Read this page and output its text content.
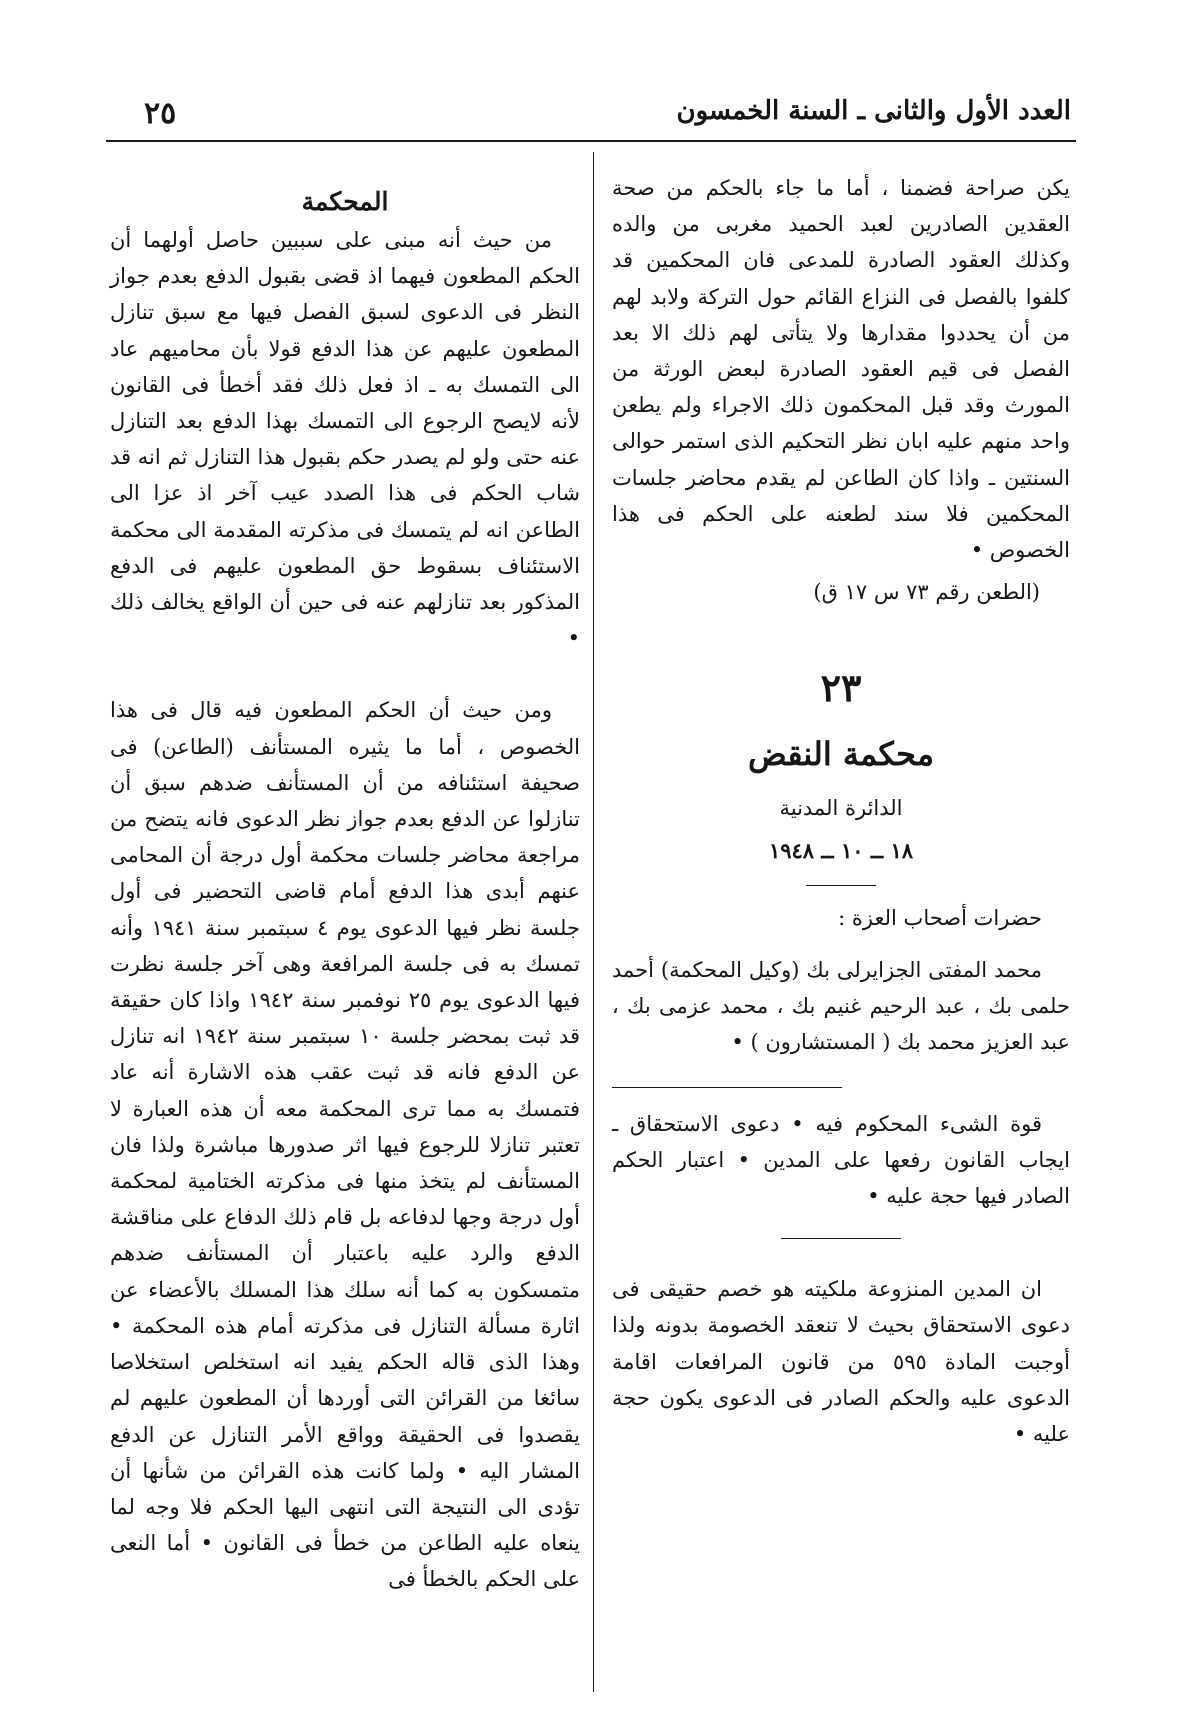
العدد الأول والثانى ـ السنة الخمسون
٢٥

يكن صراحة فضمنا ، أما ما جاء بالحكم من صحة العقدين الصادرين لعبد الحميد مغربى من والده وكذلك العقود الصادرة للمدعى فان المحكمين قد كلفوا بالفصل فى النزاع القائم حول التركة ولابد لهم من أن يحددوا مقدارها ولا يتأتى لهم ذلك الا بعد الفصل فى قيم العقود الصادرة لبعض الورثة من المورث وقد قبل المحكمون ذلك الاجراء ولم يطعن واحد منهم عليه ابان نظر التحكيم الذى استمر حوالى السنتين ـ واذا كان الطاعن لم يقدم محاضر جلسات المحكمين فلا سند لطعنه على الحكم فى هذا الخصوص •

(الطعن رقم ٧٣ س ١٧ ق)

٢٣

محكمة النقض

الدائرة المدنية

١٨ ــ ١٠ ــ ١٩٤٨

حضرات أصحاب العزة :

محمد المفتى الجزايرلى بك (وكيل المحكمة) أحمد حلمى بك ، عبد الرحيم غنيم بك ، محمد عزمى بك ، عبد العزيز محمد بك ( المستشارون ) •

قوة الشىء المحكوم فيه • دعوى الاستحقاق ـ ايجاب القانون رفعها على المدين • اعتبار الحكم الصادر فيها حجة عليه •

ان المدين المنزوعة ملكيته هو خصم حقيقى فى دعوى الاستحقاق بحيث لا تنعقد الخصومة بدونه ولذا أوجبت المادة ٥٩٥ من قانون المرافعات اقامة الدعوى عليه والحكم الصادر فى الدعوى يكون حجة عليه •

المحكمة

من حيث أنه مبنى على سببين حاصل أولهما أن الحكم المطعون فيهما اذ قضى بقبول الدفع بعدم جواز النظر فى الدعوى لسبق الفصل فيها مع سبق تنازل المطعون عليهم عن هذا الدفع قولا بأن محاميهم عاد الى التمسك به ـ اذ فعل ذلك فقد أخطأ فى القانون لأنه لايصح الرجوع الى التمسك بهذا الدفع بعد التنازل عنه حتى ولو لم يصدر حكم بقبول هذا التنازل ثم انه قد شاب الحكم فى هذا الصدد عيب آخر اذ عزا الى الطاعن انه لم يتمسك فى مذكرته المقدمة الى محكمة الاستئناف بسقوط حق المطعون عليهم فى الدفع المذكور بعد تنازلهم عنه فى حين أن الواقع يخالف ذلك •

ومن حيث أن الحكم المطعون فيه قال فى هذا الخصوص ، أما ما يثيره المستأنف (الطاعن) فى صحيفة استئنافه من أن المستأنف ضدهم سبق أن تنازلوا عن الدفع بعدم جواز نظر الدعوى فانه يتضح من مراجعة محاضر جلسات محكمة أول درجة أن المحامى عنهم أبدى هذا الدفع أمام قاضى التحضير فى أول جلسة نظر فيها الدعوى يوم ٤ سبتمبر سنة ١٩٤١ وأنه تمسك به فى جلسة المرافعة وهى آخر جلسة نظرت فيها الدعوى يوم ٢٥ نوفمبر سنة ١٩٤٢ واذا كان حقيقة قد ثبت بمحضر جلسة ١٠ سبتمبر سنة ١٩٤٢ انه تنازل عن الدفع فانه قد ثبت عقب هذه الاشارة أنه عاد فتمسك به مما ترى المحكمة معه أن هذه العبارة لا تعتبر تنازلا للرجوع فيها اثر صدورها مباشرة ولذا فان المستأنف لم يتخذ منها فى مذكرته الختامية لمحكمة أول درجة وجها لدفاعه بل قام ذلك الدفاع على مناقشة الدفع والرد عليه باعتبار أن المستأنف ضدهم متمسكون به كما أنه سلك هذا المسلك بالأعضاء عن اثارة مسألة التنازل فى مذكرته أمام هذه المحكمة • وهذا الذى قاله الحكم يفيد انه استخلص استخلاصا سائغا من القرائن التى أوردها أن المطعون عليهم لم يقصدوا فى الحقيقة وواقع الأمر التنازل عن الدفع المشار اليه • ولما كانت هذه القرائن من شأنها أن تؤدى الى النتيجة التى انتهى اليها الحكم فلا وجه لما ينعاه عليه الطاعن من خطأ فى القانون • أما النعى على الحكم بالخطأ فى
